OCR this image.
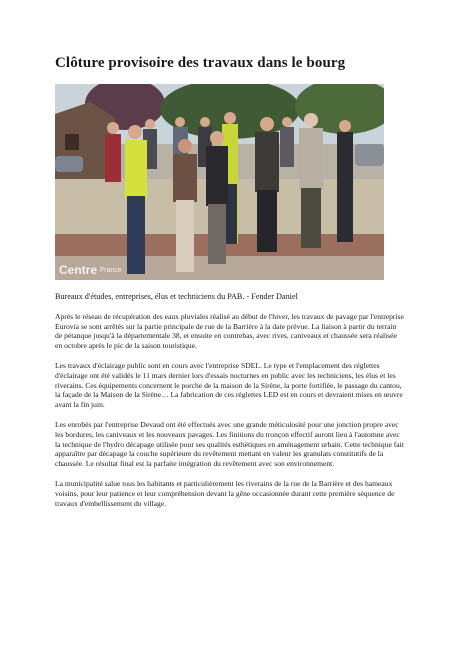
Clôture provisoire des travaux dans le bourg
Centre France
Bureaux d'études, entreprises, élus et techniciens du PAB. - Fender Daniel

Après le réseau de récupération des eaux pluviales réalisé au début de l'hiver, les travaux de pavage par l'entreprise Eurovia se sont arrêtés sur la partie principale de rue de la Barrière à la date prévue. La liaison à partir du terrain de pétanque jusqu'à la départementale 38, et ensuite en contrebas, avec rives, caniveaux et chaussée sera réalisée en octobre après le pic de la saison touristique.

Les travaux d'éclairage public sont en cours avec l'entreprise SDEL. Le type et l'emplacement des réglettes d'éclairage ont été validés le 11 mars dernier lors d'essais nocturnes en public avec les techniciens, les élus et les riverains. Ces équipements concernent le porche de la maison de la Sirène, la porte fortifiée, le passage du cantou, la façade de la Maison de la Sirène… La fabrication de ces réglettes LED est en cours et devraient mises en œuvre avant la fin juin.

Les enrobés par l'entreprise Devaud ont été effectués avec une grande méticulosité pour une jonction propre avec les bordures, les caniveaux et les nouveaux pavages. Les finitions du tronçon effectif auront lieu à l'automne avec la technique de l'hydro décapage utilisée pour ses qualités esthétiques en aménagement urbain. Cette technique fait apparaître par décapage la couche supérieure du revêtement mettant en valeur les granulats constitutifs de la chaussée. Le résultat final est la parfaite intégration du revêtement avec son environnement.

La municipalité salue tous les habitants et particulièrement les riverains de la rue de la Barrière et des hameaux voisins, pour leur patience et leur compréhension devant la gêne occasionnée durant cette première séquence de travaux d'embellissement du village.
